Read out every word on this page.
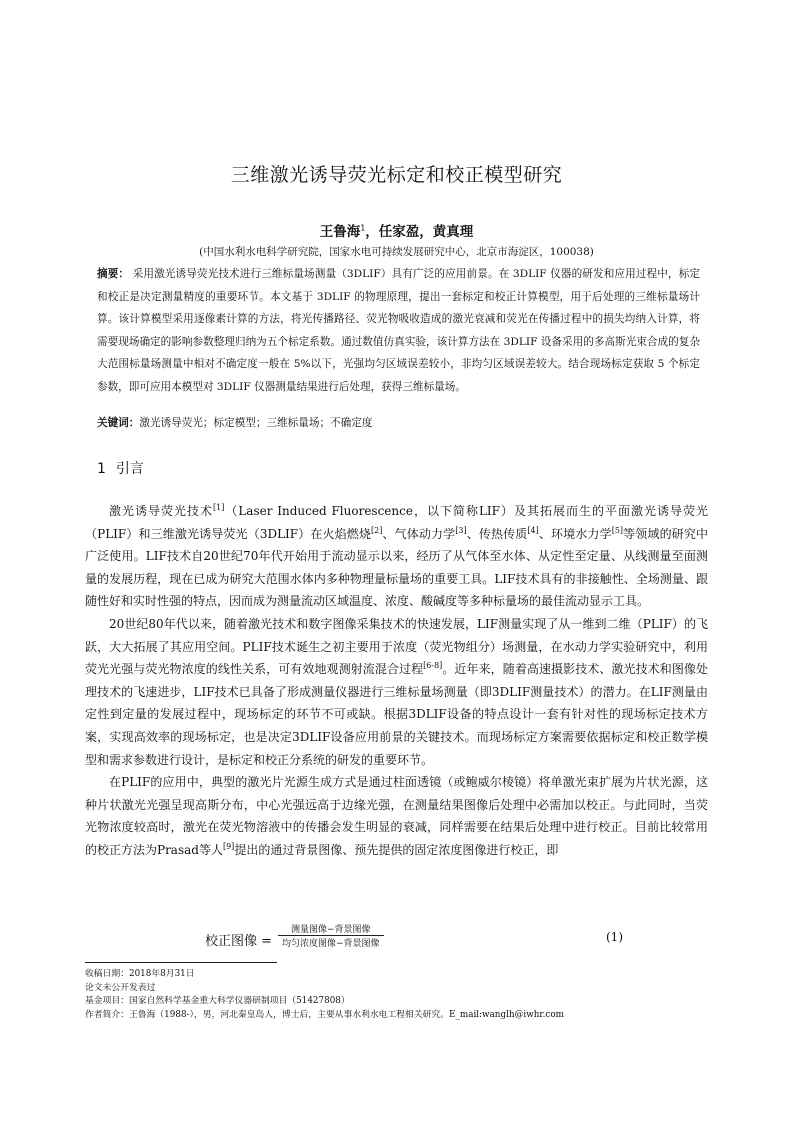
三维激光诱导荧光标定和校正模型研究
王鲁海$^1$，任家盈，黄真理
(中国水利水电科学研究院，国家水电可持续发展研究中心，北京市海淀区，100038)
摘要： 采用激光诱导荧光技术进行三维标量场测量（3DLIF）具有广泛的应用前景。在 3DLIF 仪器的研发和应用过程中，标定和校正是决定测量精度的重要环节。本文基于 3DLIF 的物理原理，提出一套标定和校正计算模型，用于后处理的三维标量场计算。该计算模型采用逐像素计算的方法，将光传播路径、荧光物吸收造成的激光衰减和荧光在传播过程中的损失均纳入计算，将需要现场确定的影响参数整理归纳为五个标定系数。通过数值仿真实验，该计算方法在 3DLIF 设备采用的多高斯光束合成的复杂大范围标量场测量中相对不确定度一般在 5%以下，光强均匀区域误差较小，非均匀区域误差较大。结合现场标定获取 5 个标定参数，即可应用本模型对 3DLIF 仪器测量结果进行后处理，获得三维标量场。
关键词：激光诱导荧光；标定模型；三维标量场；不确定度
1 引言

激光诱导荧光技术[1]（Laser Induced Fluorescence，以下简称LIF）及其拓展而生的平面激光诱导荧光（PLIF）和三维激光诱导荧光（3DLIF）在火焰燃烧[2]、气体动力学[3]、传热传质[4]、环境水力学[5]等领域的研究中广泛使用。LIF技术自20世纪70年代开始用于流动显示以来，经历了从气体至水体、从定性至定量、从线测量至面测量的发展历程，现在已成为研究大范围水体内多种物理量标量场的重要工具。LIF技术具有的非接触性、全场测量、跟随性好和实时性强的特点，因而成为测量流动区域温度、浓度、酸碱度等多种标量场的最佳流动显示工具。

20世纪80年代以来，随着激光技术和数字图像采集技术的快速发展，LIF测量实现了从一维到二维（PLIF）的飞跃，大大拓展了其应用空间。PLIF技术诞生之初主要用于浓度（荧光物组分）场测量，在水动力学实验研究中，利用荧光光强与荧光物浓度的线性关系，可有效地观测射流混合过程[6-8]。近年来，随着高速摄影技术、激光技术和图像处理技术的飞速进步，LIF技术已具备了形成测量仪器进行三维标量场测量（即3DLIF测量技术）的潜力。在LIF测量由定性到定量的发展过程中，现场标定的环节不可或缺。根据3DLIF设备的特点设计一套有针对性的现场标定技术方案，实现高效率的现场标定，也是决定3DLIF设备应用前景的关键技术。而现场标定方案需要依据标定和校正数学模型和需求参数进行设计，是标定和校正分系统的研发的重要环节。

在PLIF的应用中，典型的激光片光源生成方式是通过柱面透镜（或鲍威尔棱镜）将单激光束扩展为片状光源，这种片状激光光强呈现高斯分布，中心光强远高于边缘光强，在测量结果图像后处理中必需加以校正。与此同时，当荧光物浓度较高时，激光在荧光物溶液中的传播会发生明显的衰减，同样需要在结果后处理中进行校正。目前比较常用的校正方法为Prasad等人[9]提出的通过背景图像、预先提供的固定浓度图像进行校正，即

校正图像 =
测量图像−背景图像
均匀浓度图像−背景图像	(1)
收稿日期：2018年8月31日
论文未公开发表过
基金项目：国家自然科学基金重大科学仪器研制项目（51427808）
作者简介：王鲁海（1988-），男，河北秦皇岛人，博士后，主要从事水利水电工程相关研究。E_mail:wanglh@iwhr.com
